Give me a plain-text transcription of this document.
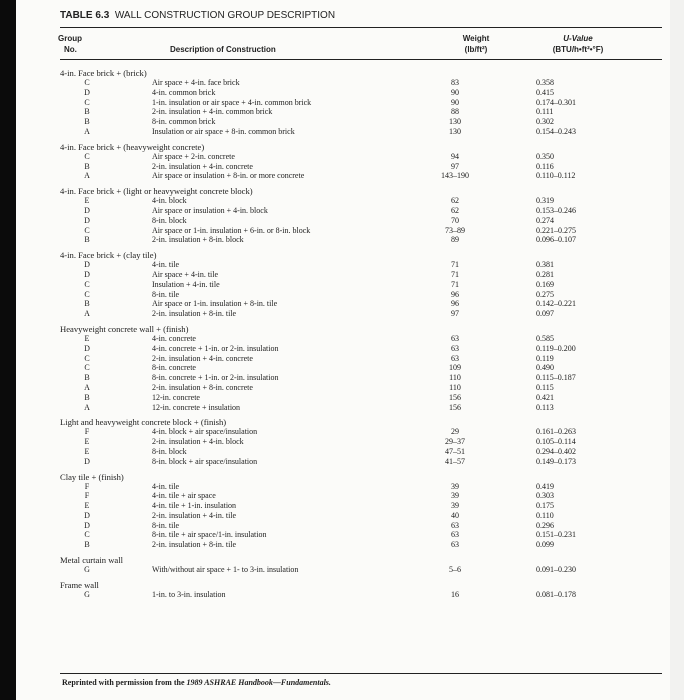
TABLE 6.3 WALL CONSTRUCTION GROUP DESCRIPTION
Group
No.	Description of Construction
Weight
(lb/ft²)
U-Value
(BTU/h•ft²•°F)
4-in. Face brick + (brick)
C	Air space + 4-in. face brick	83	0.358
D	4-in. common brick	90	0.415
C	1-in. insulation or air space + 4-in. common brick	90	0.174–0.301
B	2-in. insulation + 4-in. common brick	88	0.111
B	8-in. common brick	130	0.302
A	Insulation or air space + 8-in. common brick	130	0.154–0.243
4-in. Face brick + (heavyweight concrete)
C	Air space + 2-in. concrete	94	0.350
B	2-in. insulation + 4-in. concrete	97	0.116
A	Air space or insulation + 8-in. or more concrete	143–190	0.110–0.112
4-in. Face brick + (light or heavyweight concrete block)
E	4-in. block	62	0.319
D	Air space or insulation + 4-in. block	62	0.153–0.246
D	8-in. block	70	0.274
C	Air space or 1-in. insulation + 6-in. or 8-in. block	73–89	0.221–0.275
B	2-in. insulation + 8-in. block	89	0.096–0.107
4-in. Face brick + (clay tile)
D	4-in. tile	71	0.381
D	Air space + 4-in. tile	71	0.281
C	Insulation + 4-in. tile	71	0.169
C	8-in. tile	96	0.275
B	Air space or 1-in. insulation + 8-in. tile	96	0.142–0.221
A	2-in. insulation + 8-in. tile	97	0.097
Heavyweight concrete wall + (finish)
E	4-in. concrete	63	0.585
D	4-in. concrete + 1-in. or 2-in. insulation	63	0.119–0.200
C	2-in. insulation + 4-in. concrete	63	0.119
C	8-in. concrete	109	0.490
B	8-in. concrete + 1-in. or 2-in. insulation	110	0.115–0.187
A	2-in. insulation + 8-in. concrete	110	0.115
B	12-in. concrete	156	0.421
A	12-in. concrete + insulation	156	0.113
Light and heavyweight concrete block + (finish)
F	4-in. block + air space/insulation	29	0.161–0.263
E	2-in. insulation + 4-in. block	29–37	0.105–0.114
E	8-in. block	47–51	0.294–0.402
D	8-in. block + air space/insulation	41–57	0.149–0.173
Clay tile + (finish)
F	4-in. tile	39	0.419
F	4-in. tile + air space	39	0.303
E	4-in. tile + 1-in. insulation	39	0.175
D	2-in. insulation + 4-in. tile	40	0.110
D	8-in. tile	63	0.296
C	8-in. tile + air space/1-in. insulation	63	0.151–0.231
B	2-in. insulation + 8-in. tile	63	0.099
Metal curtain wall
G	With/without air space + 1- to 3-in. insulation	5–6	0.091–0.230
Frame wall
G	1-in. to 3-in. insulation	16	0.081–0.178
Reprinted with permission from the 1989 ASHRAE Handbook—Fundamentals.
